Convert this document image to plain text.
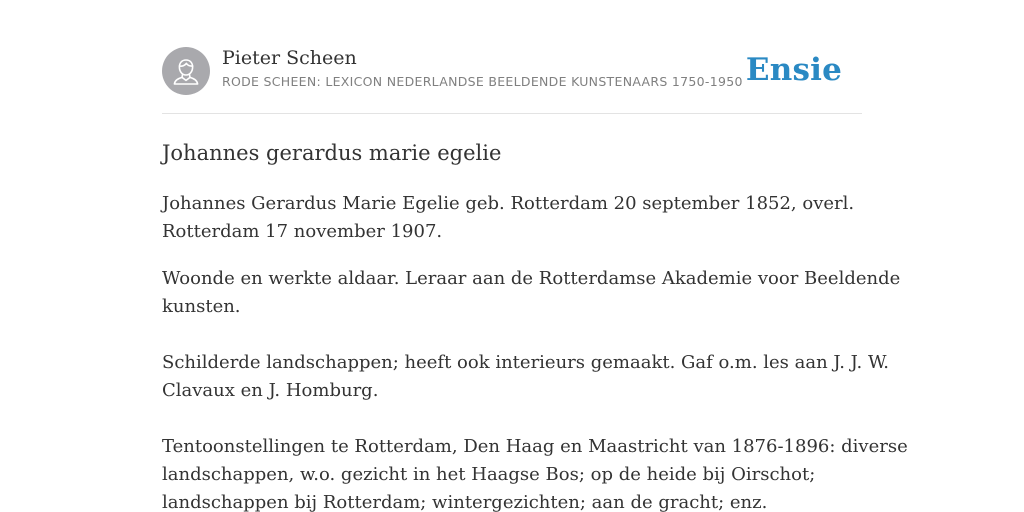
Pieter Scheen
RODE SCHEEN: LEXICON NEDERLANDSE BEELDENDE KUNSTENAARS 1750-1950 Ensie
Johannes gerardus marie egelie

Johannes Gerardus Marie Egelie geb. Rotterdam 20 september 1852, overl.
Rotterdam 17 november 1907.

Woonde en werkte aldaar. Leraar aan de Rotterdamse Akademie voor Beeldende
kunsten.

Schilderde landschappen; heeft ook interieurs gemaakt. Gaf o.m. les aan J. J. W.
Clavaux en J. Homburg.

Tentoonstellingen te Rotterdam, Den Haag en Maastricht van 1876-1896: diverse
landschappen, w.o. gezicht in het Haagse Bos; op de heide bij Oirschot;
landschappen bij Rotterdam; wintergezichten; aan de gracht; enz.
